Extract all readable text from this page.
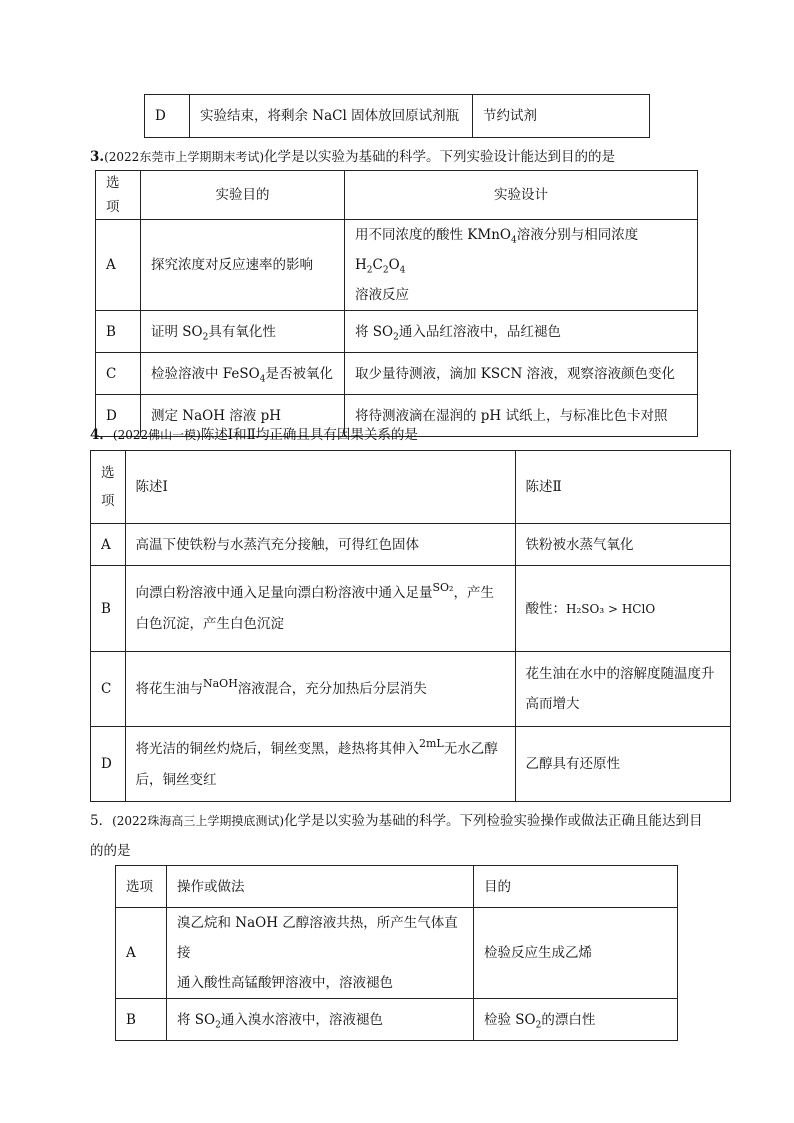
D	实验结束，将剩余 NaCl 固体放回原试剂瓶	节约试剂
3.(2022东莞市上学期期末考试)化学是以实验为基础的科学。下列实验设计能达到目的的是
选项	实验目的	实验设计
A	探究浓度对反应速率的影响	用不同浓度的酸性 KMnO$_4$溶液分别与相同浓度 $H_2C_2O_4$
溶液反应
B	证明 $SO_2$具有氧化性	将 $SO_2$通入品红溶液中，品红褪色
C	检验溶液中 FeSO$_4$是否被氧化	取少量待测液，滴加 KSCN 溶液，观察溶液颜色变化
D	测定 NaOH 溶液 pH	将待测液滴在湿润的 pH 试纸上，与标准比色卡对照
4．(2022佛山一模)陈述Ⅰ和Ⅱ均正确且具有因果关系的是
选
项	陈述Ⅰ	陈述Ⅱ
A	高温下使铁粉与水蒸汽充分接触，可得红色固体	铁粉被水蒸气氧化
B	向漂白粉溶液中通入足量向漂白粉溶液中通入足量$^{SO_2}$，产生
白色沉淀，产生白色沉淀	酸性：H₂SO₃ > HClO
C	将花生油与$^{NaOH}$溶液混合，充分加热后分层消失	花生油在水中的溶解度随温度升
高而增大
D	将光洁的铜丝灼烧后，铜丝变黑，趁热将其伸入$^{2mL}$无水乙醇
后，铜丝变红	乙醇具有还原性
5．(2022珠海高三上学期摸底测试)化学是以实验为基础的科学。下列检验实验操作或做法正确且能达到目
的的是
选项	操作或做法	目的
A	溴乙烷和 NaOH 乙醇溶液共热，所产生气体直接
通入酸性高锰酸钾溶液中，溶液褪色	检验反应生成乙烯
B	将 $SO_2$通入溴水溶液中，溶液褪色	检验 $SO_2$的漂白性
